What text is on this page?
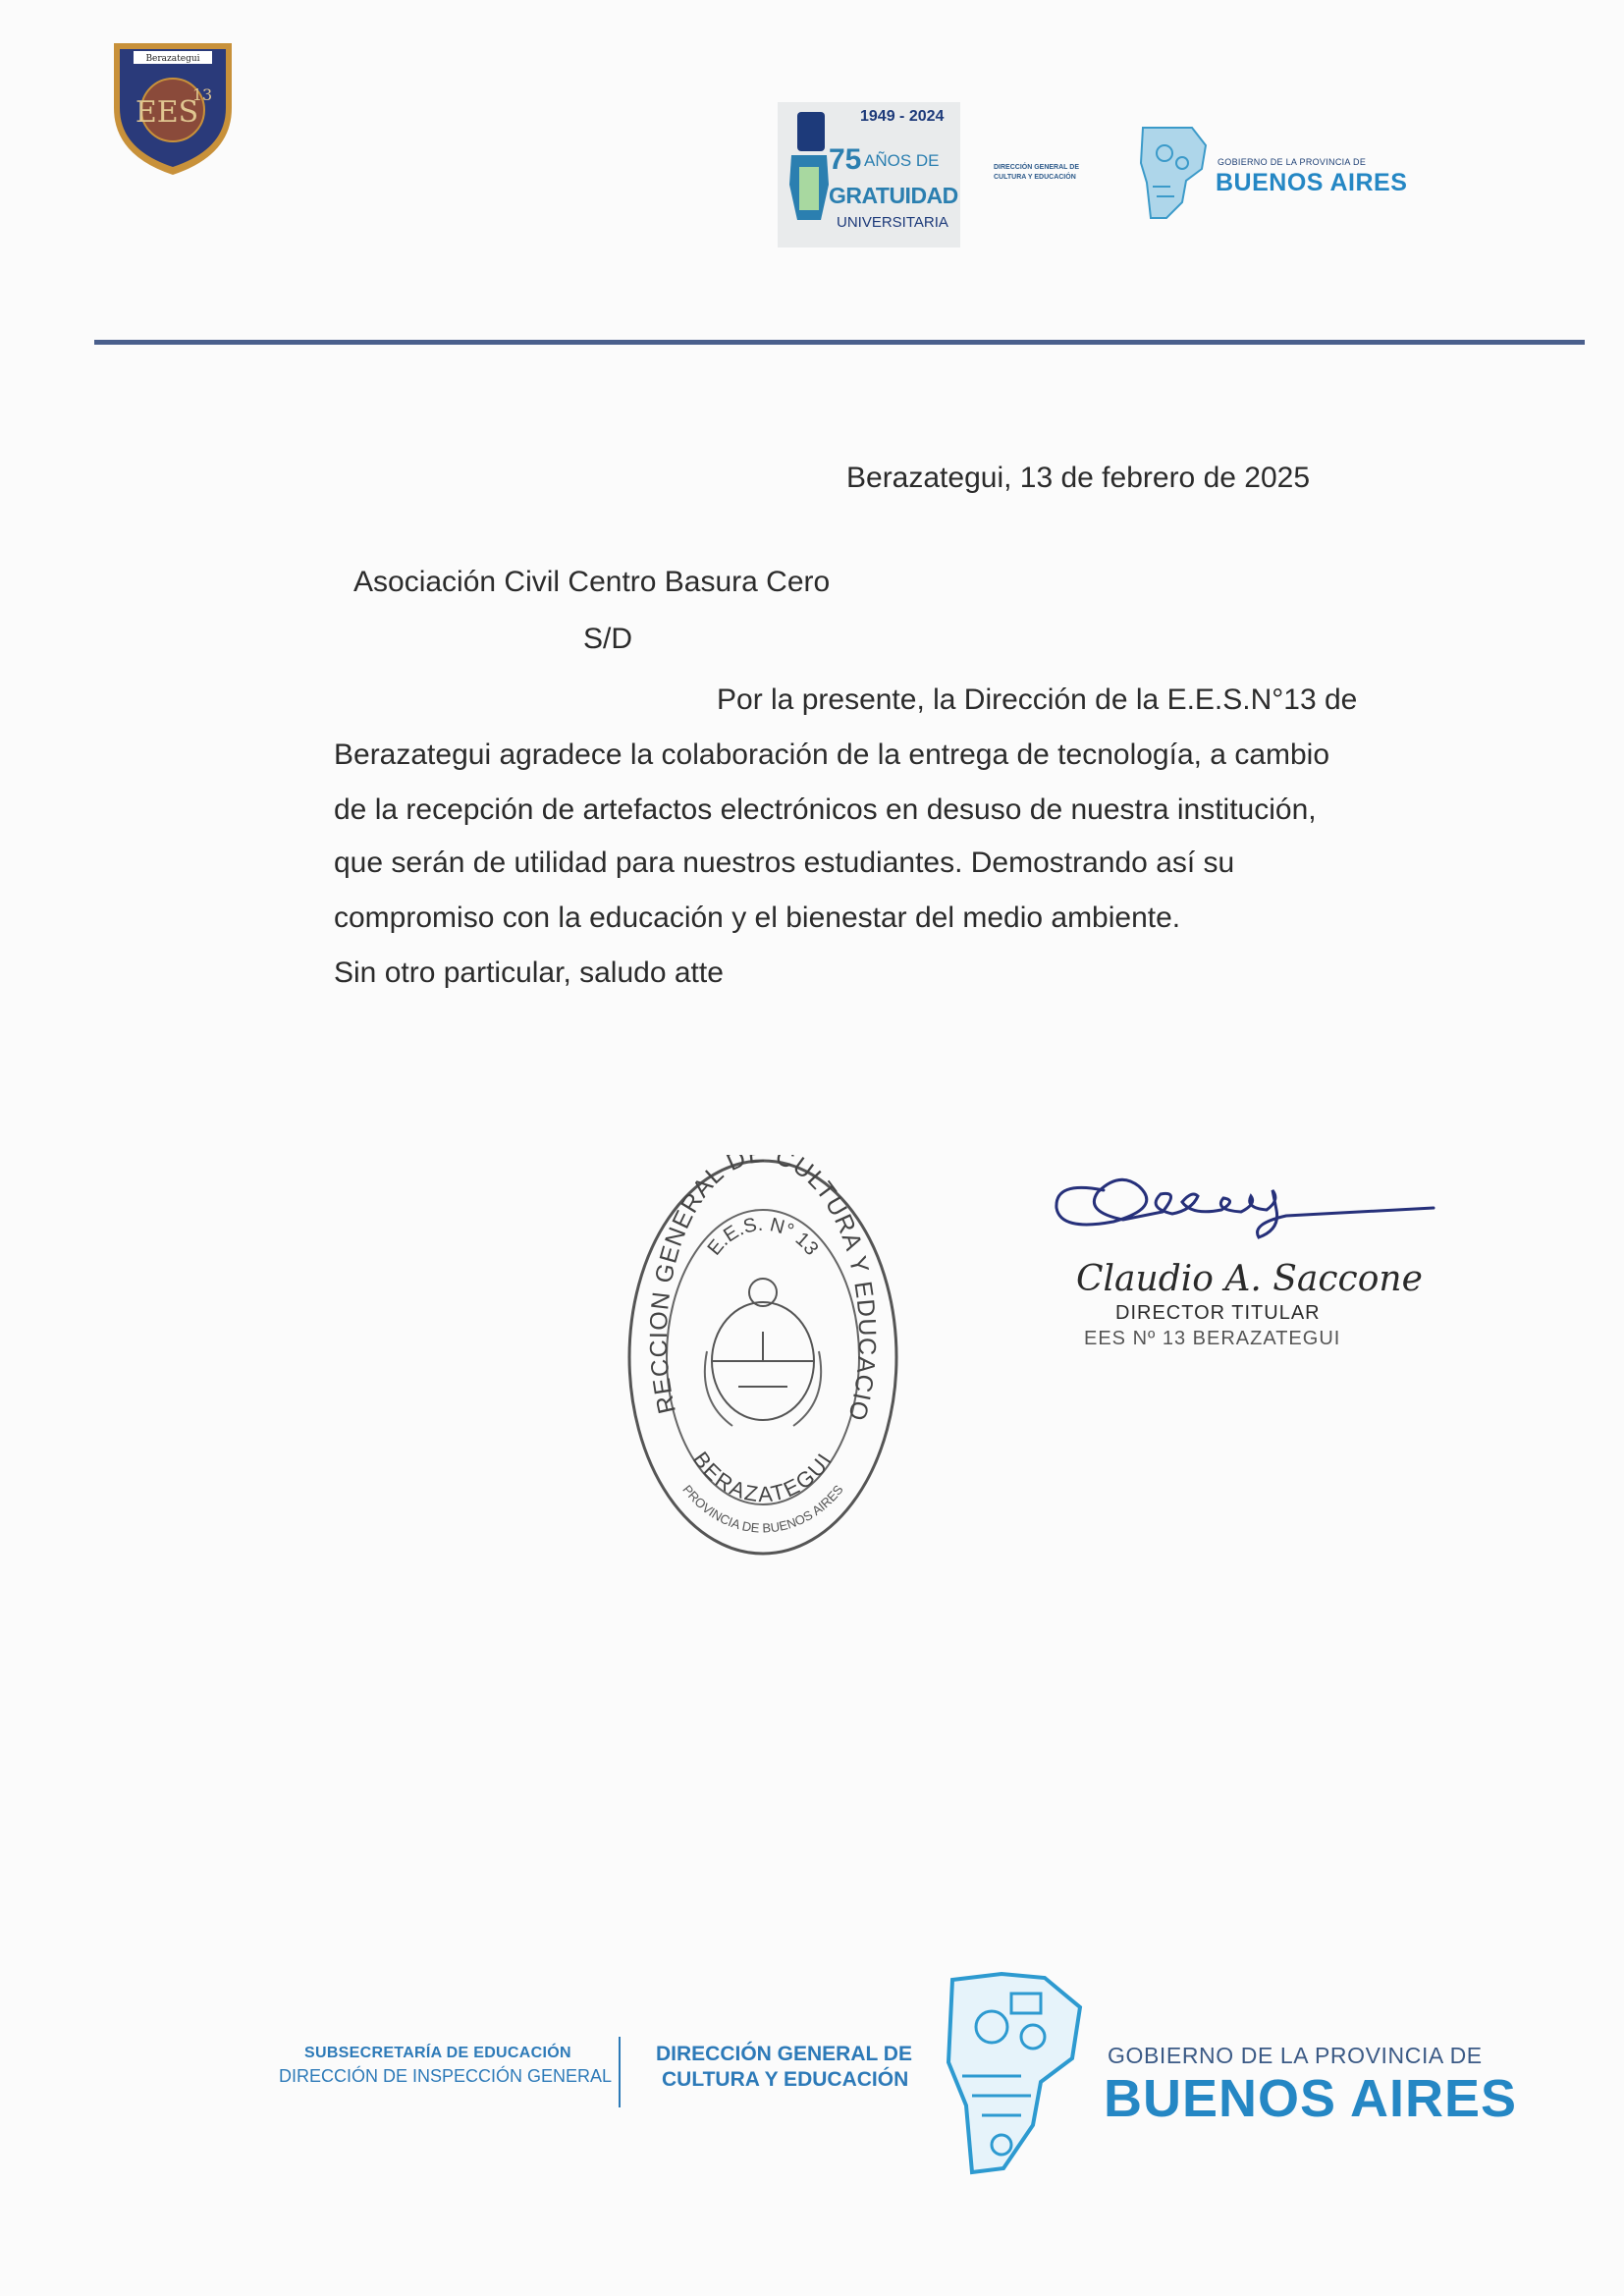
Berazategui
EES
13
1949 - 2024
75 AÑOS DE
GRATUIDAD
UNIVERSITARIA
DIRECCIÓN GENERAL DE
CULTURA Y EDUCACIÓN
GOBIERNO DE LA PROVINCIA DE
BUENOS AIRES
Berazategui, 13 de febrero de 2025
Asociación Civil Centro Basura Cero
S/D
Por la presente, la Dirección de la E.E.S.N°13 de
Berazategui agradece la colaboración de la entrega de tecnología, a cambio
de la recepción de artefactos electrónicos en desuso de nuestra institución,
que serán de utilidad para nuestros estudiantes. Demostrando así su
compromiso con la educación y el bienestar del medio ambiente.
Sin otro particular, saludo atte
RECCION GENERAL D CULTURA Y EDUCACIO
E.E.S. N° 13
BERAZATEGUI
PROVINCIA DE BUENOS AIRES
Claudio A. Saccone
DIRECTOR TITULAR
EES Nº 13 BERAZATEGUI
SUBSECRETARÍA DE EDUCACIÓN
DIRECCIÓN DE INSPECCIÓN GENERAL
DIRECCIÓN GENERAL DE
CULTURA Y EDUCACIÓN
GOBIERNO DE LA PROVINCIA DE
BUENOS AIRES
